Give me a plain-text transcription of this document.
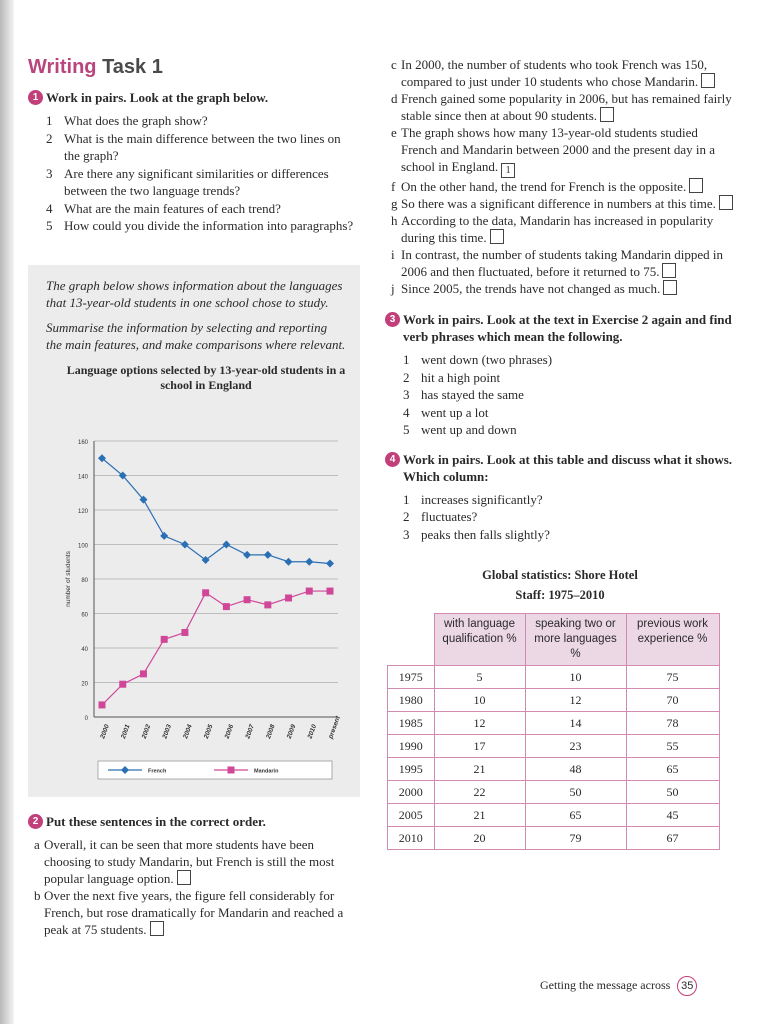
Writing Task 1
1 Work in pairs. Look at the graph below.
1 What does the graph show?
2 What is the main difference between the two lines on the graph?
3 Are there any significant similarities or differences between the two language trends?
4 What are the main features of each trend?
5 How could you divide the information into paragraphs?

The graph below shows information about the languages that 13-year-old students in one school chose to study.

Summarise the information by selecting and reporting the main features, and make comparisons where relevant.

Language options selected by 13-year-old students in a school in England
0
20
40
60
80
100
120
140
160
number of students
2000 2001 2002 2003 2004 2005 2006 2007 2008 2009 2010 present
French	Mandarin
2 Put these sentences in the correct order.
a Overall, it can be seen that more students have been choosing to study Mandarin, but French is still the most popular language option.
b Over the next five years, the figure fell considerably for French, but rose dramatically for Mandarin and reached a peak at 75 students.
c In 2000, the number of students who took French was 150, compared to just under 10 students who chose Mandarin.
d French gained some popularity in 2006, but has remained fairly stable since then at about 90 students.
e The graph shows how many 13-year-old students studied French and Mandarin between 2000 and the present day in a school in England. 1
f On the other hand, the trend for French is the opposite.
g So there was a significant difference in numbers at this time.
h According to the data, Mandarin has increased in popularity during this time.
i In contrast, the number of students taking Mandarin dipped in 2006 and then fluctuated, before it returned to 75.
j Since 2005, the trends have not changed as much.
3 Work in pairs. Look at the text in Exercise 2 again and find verb phrases which mean the following.
1 went down (two phrases)
2 hit a high point
3 has stayed the same
4 went up a lot
5 went up and down
4 Work in pairs. Look at this table and discuss what it shows. Which column:
1 increases significantly?
2 fluctuates?
3 peaks then falls slightly?
Global statistics: Shore Hotel
Staff: 1975–2010
	with language qualification %	speaking two or more languages %	previous work experience %
1975	5	10	75
1980	10	12	70
1985	12	14	78
1990	17	23	55
1995	21	48	65
2000	22	50	50
2005	21	65	45
2010	20	79	67
Getting the message across 35
